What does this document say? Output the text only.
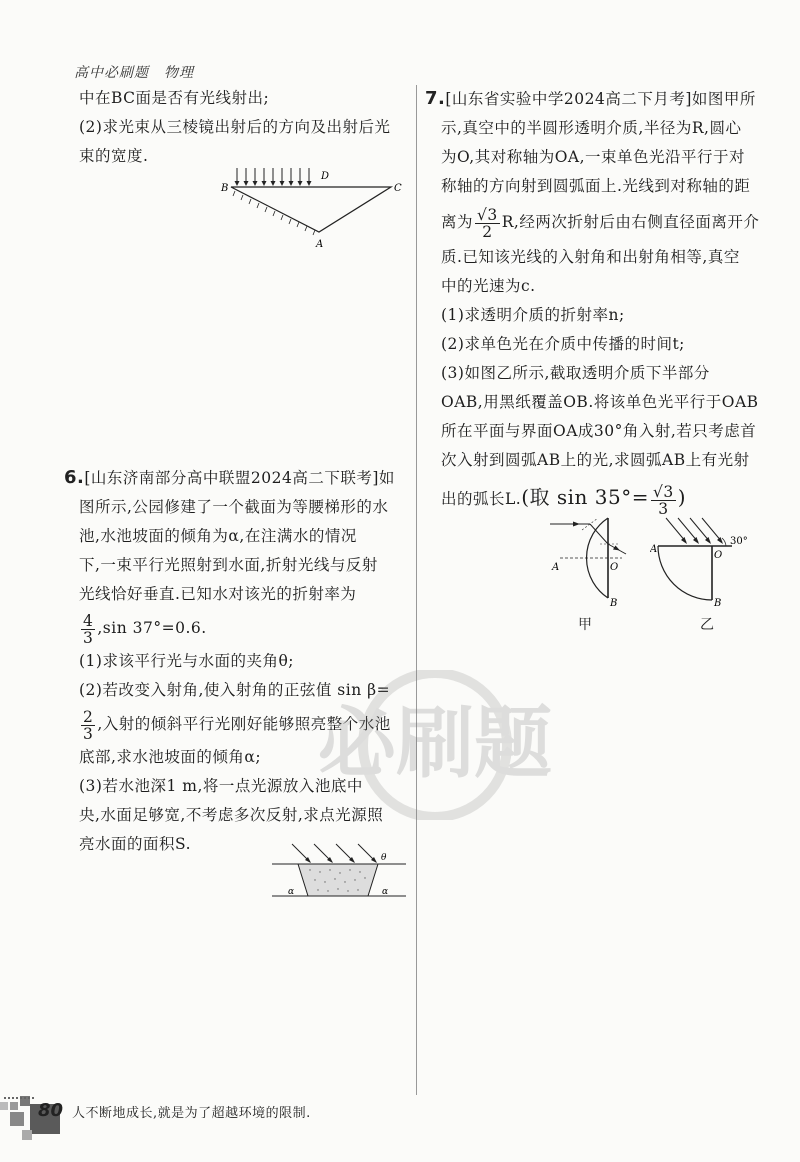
高中必刷题　物理

中在BC面是否有光线射出;

(2)求光束从三棱镜出射后的方向及出射后光

束的宽度.

B
D
C
A

6.[山东济南部分高中联盟2024高二下联考]如

图所示,公园修建了一个截面为等腰梯形的水

池,水池坡面的倾角为α,在注满水的情况

下,一束平行光照射到水面,折射光线与反射

光线恰好垂直.已知水对该光的折射率为

$\frac{4}{3} ,\sin$ 37°=0.6.

(1)求该平行光与水面的夹角θ;

(2)若改变入射角,使入射角的正弦值 sin β=

$\frac{2}{3}$ ,入射的倾斜平行光刚好能够照亮整个水池

底部,求水池坡面的倾角α;

(3)若水池深1 m,将一点光源放入池底中

央,水面足够宽,不考虑多次反射,求点光源照

亮水面的面积S.

θ
α	α

7.[山东省实验中学2024高二下月考]如图甲所

示,真空中的半圆形透明介质,半径为R,圆心

为O,其对称轴为OA,一束单色光沿平行于对

称轴的方向射到圆弧面上.光线到对称轴的距

离为 $\frac{√3}{2} R$,经两次折射后由右侧直径面离开介

质.已知该光线的入射角和出射角相等,真空

中的光速为c.

(1)求透明介质的折射率n;

(2)求单色光在介质中传播的时间t;

(3)如图乙所示,截取透明介质下半部分

OAB,用黑纸覆盖OB.将该单色光平行于OAB

所在平面与界面OA成30°角入射,若只考虑首

次入射到圆弧AB上的光,求圆弧AB上有光射

出的弧长L.(取 $\sin 35^\circ= \frac{√3}{3}$ )

A	O
B
甲
30°
A
O
B
乙
必刷题
80 人不断地成长,就是为了超越环境的限制.
